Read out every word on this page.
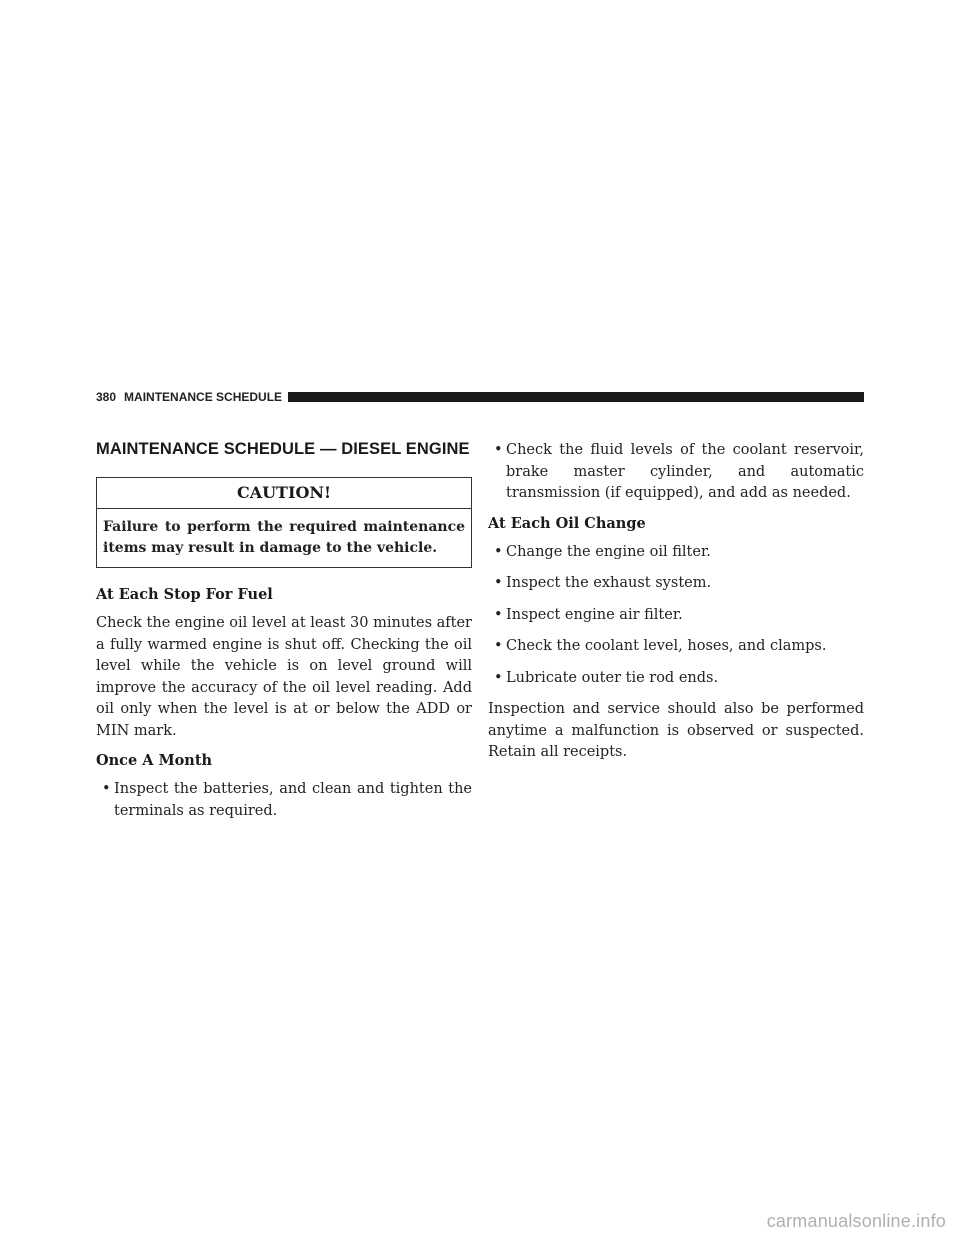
380 MAINTENANCE SCHEDULE
MAINTENANCE SCHEDULE — DIESEL ENGINE
CAUTION!
Failure to perform the required maintenance items may result in damage to the vehicle.
At Each Stop For Fuel

Check the engine oil level at least 30 minutes after a fully warmed engine is shut off. Checking the oil level while the vehicle is on level ground will improve the accuracy of the oil level reading. Add oil only when the level is at or below the ADD or MIN mark.

Once A Month
• Inspect the batteries, and clean and tighten the terminals as required.
• Check the fluid levels of the coolant reservoir, brake master cylinder, and automatic transmission (if equipped), and add as needed.
At Each Oil Change
• Change the engine oil filter.
• Inspect the exhaust system.
• Inspect engine air filter.
• Check the coolant level, hoses, and clamps.
• Lubricate outer tie rod ends.

Inspection and service should also be performed anytime a malfunction is observed or suspected. Retain all receipts.

carmanualsonline.info
